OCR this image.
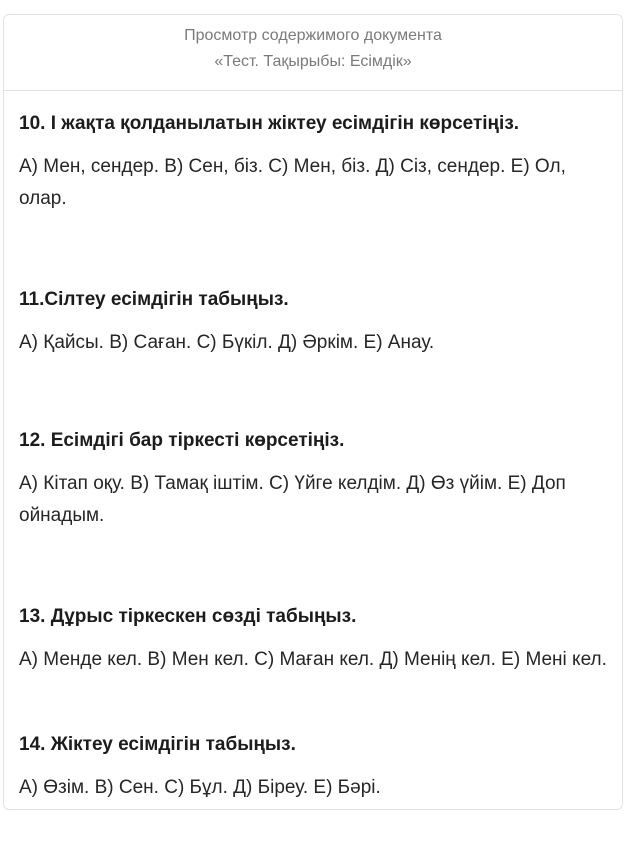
Просмотр содержимого документа
«Тест. Тақырыбы: Есімдік»

10. І жақта қолданылатын жіктеу есімдігін көрсетіңіз.

А) Мен, сендер. В) Сен, біз. С) Мен, біз. Д) Сіз, сендер. Е) Ол, олар.

11.Сілтеу есімдігін табыңыз.

А) Қайсы. В) Саған. С) Бүкіл. Д) Әркім. Е) Анау.

12. Есімдігі бар тіркесті көрсетіңіз.

А) Кітап оқу. В) Тамақ іштім. С) Үйге келдім. Д) Өз үйім. Е) Доп ойнадым.

13. Дұрыс тіркескен сөзді табыңыз.

А) Менде кел. В) Мен кел. С) Маған кел. Д) Менің кел. Е) Мені кел.

14. Жіктеу есімдігін табыңыз.

А) Өзім. В) Сен. С) Бұл. Д) Біреу. Е) Бәрі.
